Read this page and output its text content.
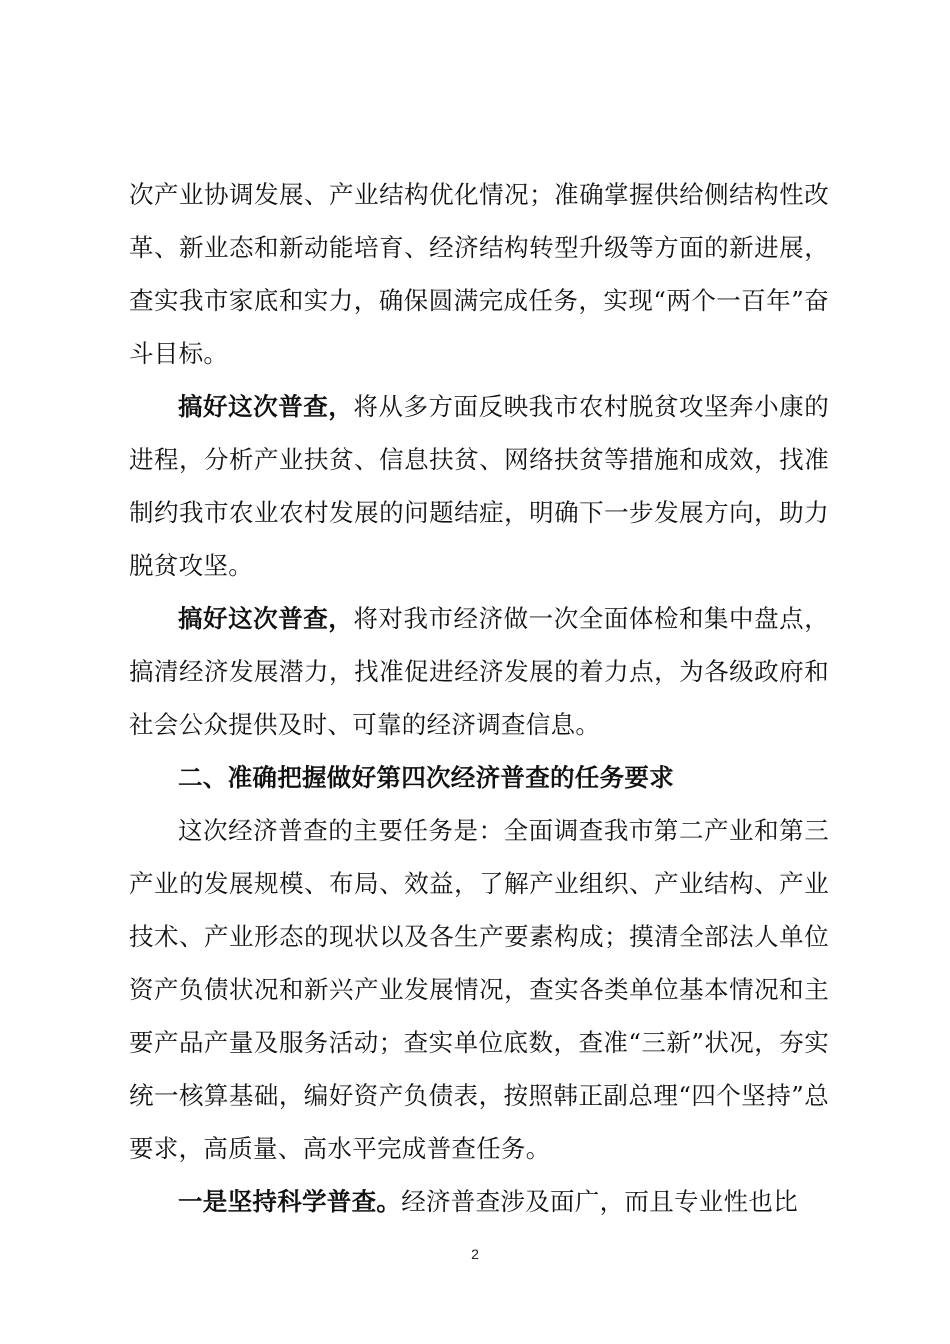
次产业协调发展、产业结构优化情况；准确掌握供给侧结构性改革、新业态和新动能培育、经济结构转型升级等方面的新进展，查实我市家底和实力，确保圆满完成任务，实现“两个一百年”奋斗目标。

搞好这次普查，将从多方面反映我市农村脱贫攻坚奔小康的进程，分析产业扶贫、信息扶贫、网络扶贫等措施和成效，找准制约我市农业农村发展的问题结症，明确下一步发展方向，助力脱贫攻坚。

搞好这次普查，将对我市经济做一次全面体检和集中盘点，搞清经济发展潜力，找准促进经济发展的着力点，为各级政府和社会公众提供及时、可靠的经济调查信息。

二、准确把握做好第四次经济普查的任务要求

这次经济普查的主要任务是：全面调查我市第二产业和第三产业的发展规模、布局、效益，了解产业组织、产业结构、产业技术、产业形态的现状以及各生产要素构成；摸清全部法人单位资产负债状况和新兴产业发展情况，查实各类单位基本情况和主要产品产量及服务活动；查实单位底数，查准“三新”状况，夯实统一核算基础，编好资产负债表，按照韩正副总理“四个坚持”总要求，高质量、高水平完成普查任务。

一是坚持科学普查。经济普查涉及面广，而且专业性也比

2
